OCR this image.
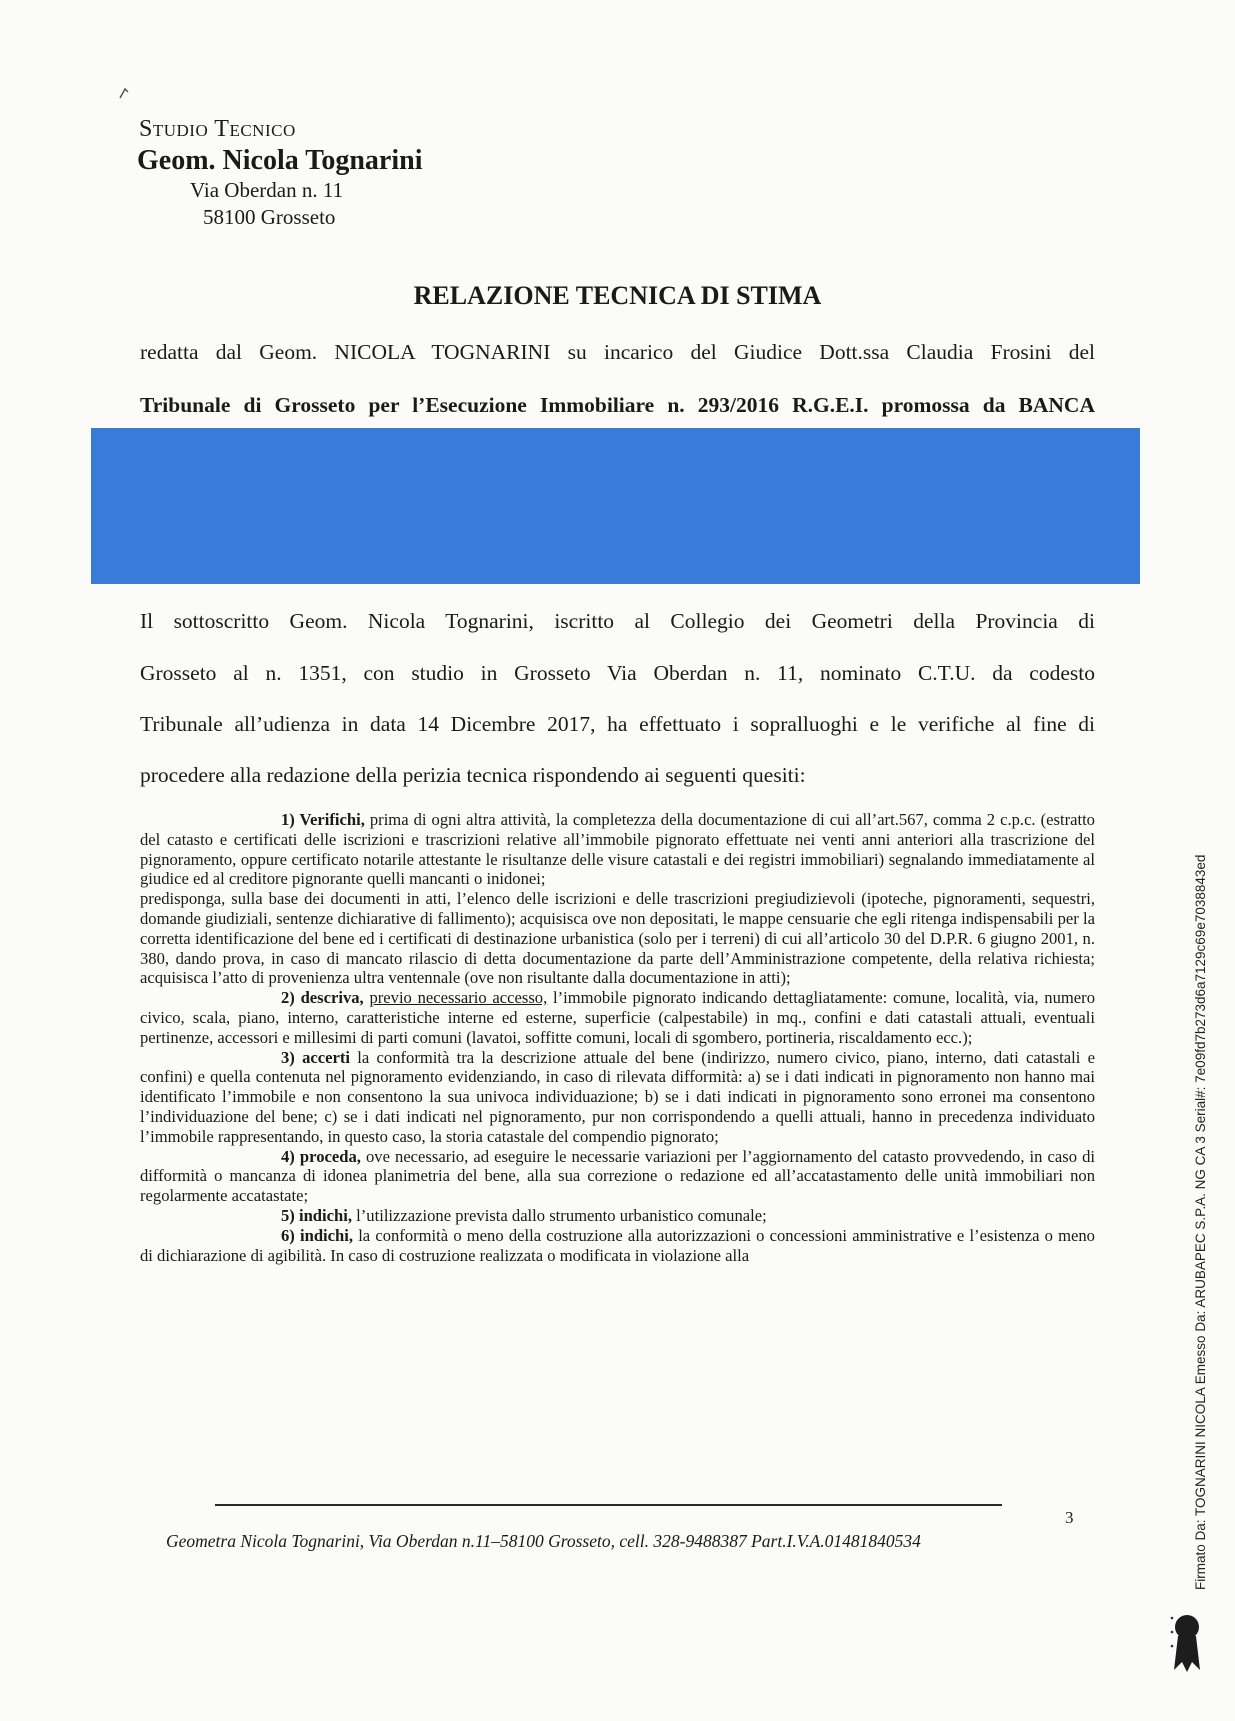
Studio Tecnico
Geom. Nicola Tognarini
Via Oberdan n. 11
58100 Grosseto
RELAZIONE TECNICA DI STIMA
redatta dal Geom. NICOLA TOGNARINI su incarico del Giudice Dott.ssa Claudia Frosini del
Tribunale di Grosseto per l’Esecuzione Immobiliare n. 293/2016 R.G.E.I. promossa da BANCA
Il sottoscritto Geom. Nicola Tognarini, iscritto al Collegio dei Geometri della Provincia di
Grosseto al n. 1351, con studio in Grosseto Via Oberdan n. 11, nominato C.T.U. da codesto
Tribunale all’udienza in data 14 Dicembre 2017, ha effettuato i sopralluoghi e le verifiche al fine di
procedere alla redazione della perizia tecnica rispondendo ai seguenti quesiti:

1) Verifichi, prima di ogni altra attività, la completezza della documentazione di cui all’art.567, comma 2 c.p.c. (estratto del catasto e certificati delle iscrizioni e trascrizioni relative all’immobile pignorato effettuate nei venti anni anteriori alla trascrizione del pignoramento, oppure certificato notarile attestante le risultanze delle visure catastali e dei registri immobiliari) segnalando immediatamente al giudice ed al creditore pignorante quelli mancanti o inidonei;

predisponga, sulla base dei documenti in atti, l’elenco delle iscrizioni e delle trascrizioni pregiudizievoli (ipoteche, pignoramenti, sequestri, domande giudiziali, sentenze dichiarative di fallimento); acquisisca ove non depositati, le mappe censuarie che egli ritenga indispensabili per la corretta identificazione del bene ed i certificati di destinazione urbanistica (solo per i terreni) di cui all’articolo 30 del D.P.R. 6 giugno 2001, n. 380, dando prova, in caso di mancato rilascio di detta documentazione da parte dell’Amministrazione competente, della relativa richiesta; acquisisca l’atto di provenienza ultra ventennale (ove non risultante dalla documentazione in atti);

2) descriva, previo necessario accesso, l’immobile pignorato indicando dettagliatamente: comune, località, via, numero civico, scala, piano, interno, caratteristiche interne ed esterne, superficie (calpestabile) in mq., confini e dati catastali attuali, eventuali pertinenze, accessori e millesimi di parti comuni (lavatoi, soffitte comuni, locali di sgombero, portineria, riscaldamento ecc.);

3) accerti la conformità tra la descrizione attuale del bene (indirizzo, numero civico, piano, interno, dati catastali e confini) e quella contenuta nel pignoramento evidenziando, in caso di rilevata difformità: a) se i dati indicati in pignoramento non hanno mai identificato l’immobile e non consentono la sua univoca individuazione; b) se i dati indicati in pignoramento sono erronei ma consentono l’individuazione del bene; c) se i dati indicati nel pignoramento, pur non corrispondendo a quelli attuali, hanno in precedenza individuato l’immobile rappresentando, in questo caso, la storia catastale del compendio pignorato;

4) proceda, ove necessario, ad eseguire le necessarie variazioni per l’aggiornamento del catasto provvedendo, in caso di difformità o mancanza di idonea planimetria del bene, alla sua correzione o redazione ed all’accatastamento delle unità immobiliari non regolarmente accatastate;

5) indichi, l’utilizzazione prevista dallo strumento urbanistico comunale;

6) indichi, la conformità o meno della costruzione alla autorizzazioni o concessioni amministrative e l’esistenza o meno di dichiarazione di agibilità. In caso di costruzione realizzata o modificata in violazione alla

3
Geometra Nicola Tognarini, Via Oberdan n.11–58100 Grosseto, cell. 328-9488387 Part.I.V.A.01481840534	Firmato Da: TOGNARINI NICOLA Emesso Da: ARUBAPEC S.P.A. NG CA 3 Serial#: 7e09fd7b273d6a7129c69e7038843ed
